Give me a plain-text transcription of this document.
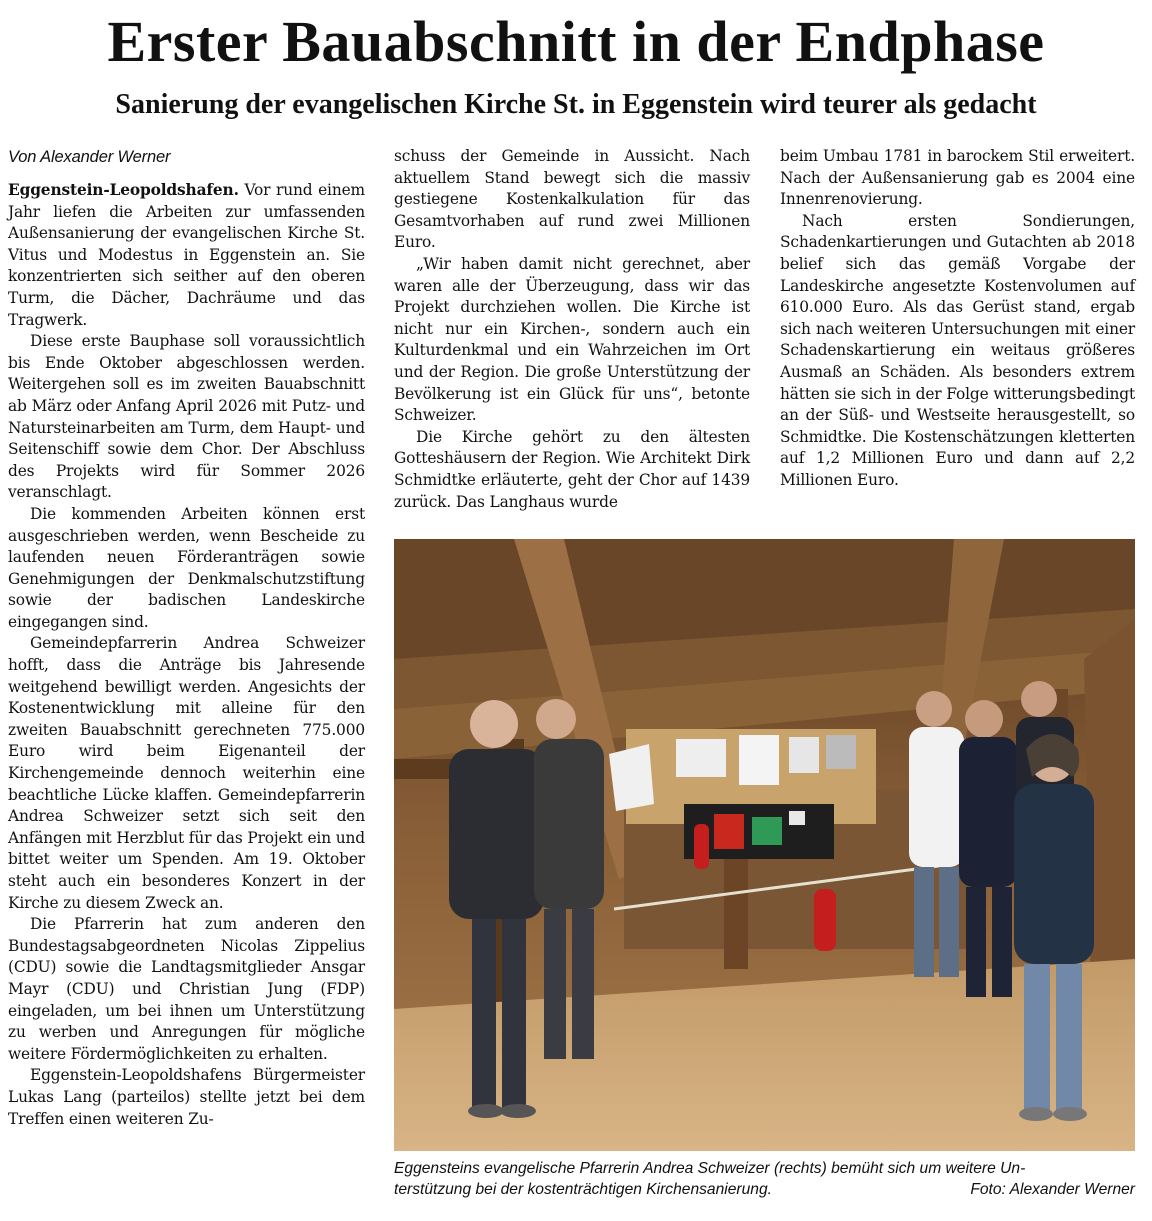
Erster Bauabschnitt in der Endphase
Sanierung der evangelischen Kirche St. in Eggenstein wird teurer als gedacht
Von Alexander Werner

Eggenstein-Leopoldshafen. Vor rund einem Jahr liefen die Arbeiten zur umfassenden Außensanierung der evangelischen Kirche St. Vitus und Modestus in Eggenstein an. Sie konzentrierten sich seither auf den oberen Turm, die Dächer, Dachräume und das Tragwerk.

Diese erste Bauphase soll voraussichtlich bis Ende Oktober abgeschlossen werden. Weitergehen soll es im zweiten Bauabschnitt ab März oder Anfang April 2026 mit Putz- und Natursteinarbeiten am Turm, dem Haupt- und Seitenschiff sowie dem Chor. Der Abschluss des Projekts wird für Sommer 2026 veranschlagt.

Die kommenden Arbeiten können erst ausgeschrieben werden, wenn Bescheide zu laufenden neuen Förderanträgen sowie Genehmigungen der Denkmalschutzstiftung sowie der badischen Landeskirche eingegangen sind.

Gemeindepfarrerin Andrea Schweizer hofft, dass die Anträge bis Jahresende weitgehend bewilligt werden. Angesichts der Kostenentwicklung mit alleine für den zweiten Bauabschnitt gerechneten 775.000 Euro wird beim Eigenanteil der Kirchengemeinde dennoch weiterhin eine beachtliche Lücke klaffen. Gemeindepfarrerin Andrea Schweizer setzt sich seit den Anfängen mit Herzblut für das Projekt ein und bittet weiter um Spenden. Am 19. Oktober steht auch ein besonderes Konzert in der Kirche zu diesem Zweck an.

Die Pfarrerin hat zum anderen den Bundestagsabgeordneten Nicolas Zippelius (CDU) sowie die Landtagsmitglieder Ansgar Mayr (CDU) und Christian Jung (FDP) eingeladen, um bei ihnen um Unterstützung zu werben und Anregungen für mögliche weitere Fördermöglichkeiten zu erhalten.

Eggenstein-Leopoldshafens Bürgermeister Lukas Lang (parteilos) stellte jetzt bei dem Treffen einen weiteren Zu-

schuss der Gemeinde in Aussicht. Nach aktuellem Stand bewegt sich die massiv gestiegene Kostenkalkulation für das Gesamtvorhaben auf rund zwei Millionen Euro.

„Wir haben damit nicht gerechnet, aber waren alle der Überzeugung, dass wir das Projekt durchziehen wollen. Die Kirche ist nicht nur ein Kirchen-, sondern auch ein Kulturdenkmal und ein Wahrzeichen im Ort und der Region. Die große Unterstützung der Bevölkerung ist ein Glück für uns“, betonte Schweizer.

Die Kirche gehört zu den ältesten Gotteshäusern der Region. Wie Architekt Dirk Schmidtke erläuterte, geht der Chor auf 1439 zurück. Das Langhaus wurde

beim Umbau 1781 in barockem Stil erweitert. Nach der Außensanierung gab es 2004 eine Innenrenovierung.

Nach ersten Sondierungen, Schadenkartierungen und Gutachten ab 2018 belief sich das gemäß Vorgabe der Landeskirche angesetzte Kostenvolumen auf 610.000 Euro. Als das Gerüst stand, ergab sich nach weiteren Untersuchungen mit einer Schadenskartierung ein weitaus größeres Ausmaß an Schäden. Als besonders extrem hätten sie sich in der Folge witterungsbedingt an der Süß- und Westseite herausgestellt, so Schmidtke. Die Kostenschätzungen kletterten auf 1,2 Millionen Euro und dann auf 2,2 Millionen Euro.

Eggensteins evangelische Pfarrerin Andrea Schweizer (rechts) bemüht sich um weitere Un-
terstützung bei der kostenträchtigen Kirchensanierung.	Foto: Alexander Werner
